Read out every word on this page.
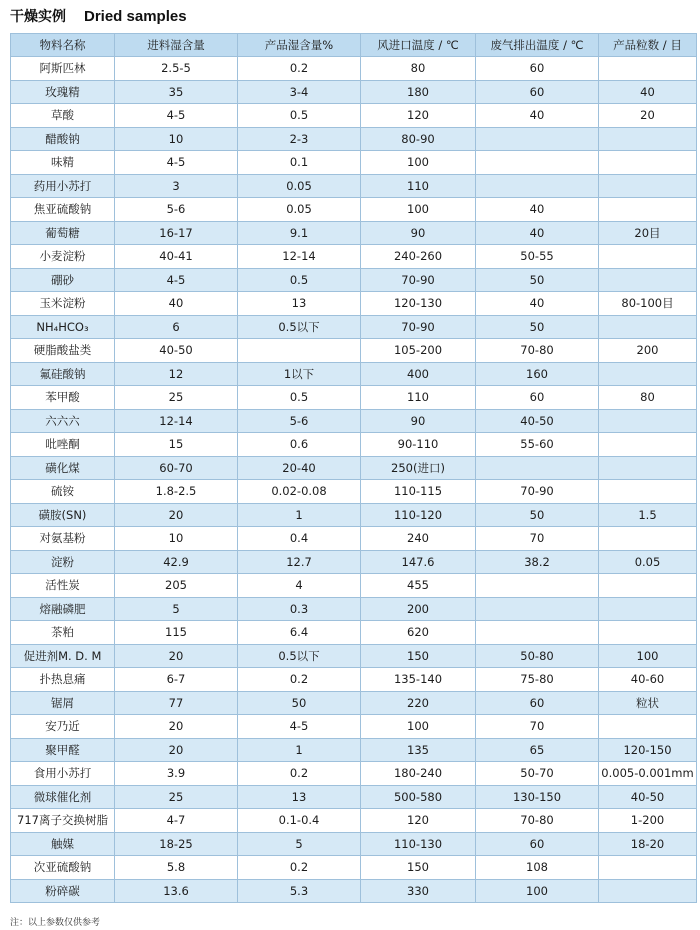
干燥实例 Dried samples
物料名称	进料湿含量	产品湿含量%	风进口温度 / ℃	废气排出温度 / ℃	产品粒数 / 目
阿斯匹林	2.5-5	0.2	80	60	
玫瑰精	35	3-4	180	60	40
草酸	4-5	0.5	120	40	20
醋酸钠	10	2-3	80-90		
味精	4-5	0.1	100		
药用小苏打	3	0.05	110		
焦亚硫酸钠	5-6	0.05	100	40	
葡萄糖	16-17	9.1	90	40	20目
小麦淀粉	40-41	12-14	240-260	50-55	
硼砂	4-5	0.5	70-90	50	
玉米淀粉	40	13	120-130	40	80-100目
NH₄HCO₃	6	0.5以下	70-90	50	
硬脂酸盐类	40-50		105-200	70-80	200
氟硅酸钠	12	1以下	400	160	
苯甲酸	25	0.5	110	60	80
六六六	12-14	5-6	90	40-50	
吡唑酮	15	0.6	90-110	55-60	
磺化煤	60-70	20-40	250(进口)		
硫铵	1.8-2.5	0.02-0.08	110-115	70-90	
磺胺(SN)	20	1	110-120	50	1.5
对氨基粉	10	0.4	240	70	
淀粉	42.9	12.7	147.6	38.2	0.05
活性炭	205	4	455		
熔融磷肥	5	0.3	200		
茶粕	115	6.4	620		
促进剂M. D. M	20	0.5以下	150	50-80	100
扑热息痛	6-7	0.2	135-140	75-80	40-60
锯屑	77	50	220	60	粒状
安乃近	20	4-5	100	70	
聚甲醛	20	1	135	65	120-150
食用小苏打	3.9	0.2	180-240	50-70	0.005-0.001mm
微球催化剂	25	13	500-580	130-150	40-50
717离子交换树脂	4-7	0.1-0.4	120	70-80	1-200
触媒	18-25	5	110-130	60	18-20
次亚硫酸钠	5.8	0.2	150	108	
粉碎碳	13.6	5.3	330	100	
注：以上参数仅供参考
